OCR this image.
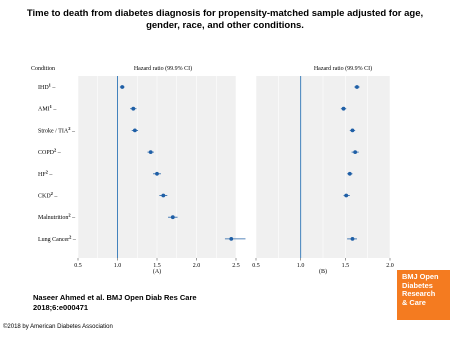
Time to death from diabetes diagnosis for propensity-matched sample adjusted for age, gender, race, and other conditions.
Condition
IHD$^1$ –
AMI$^1$ –
Stroke / TIA$^2$ –
COPD$^2$ –
$HF^2$ –
CKD$^2$ –
Malnutrition$^2$ –
Lung Cancer$^2$ –
Hazard ratio (99.9% CI)
0.5	1.0	1.5	2.0	2.5
(A)
Hazard ratio (99.9% CI)
0.5	1.0	1.5	2.0
(B)
Naseer Ahmed et al. BMJ Open Diab Res Care
2018;6:e000471
BMJ Open
Diabetes
Research
& Care
©2018 by American Diabetes Association
